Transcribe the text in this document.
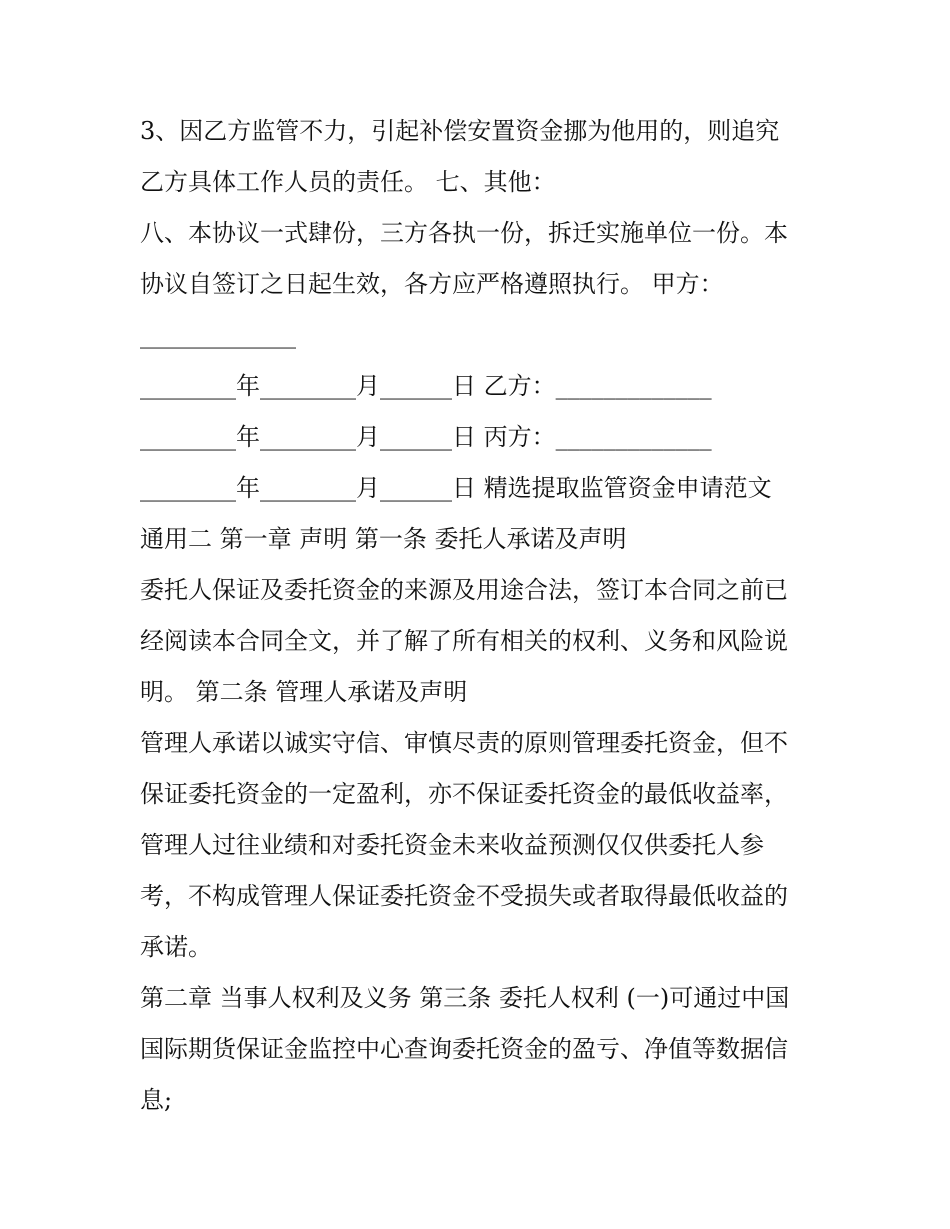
3、因乙方监管不力，引起补偿安置资金挪为他用的，则追究
乙方具体工作人员的责任。 七、其他：
八、本协议一式肆份，三方各执一份，拆迁实施单位一份。本
协议自签订之日起生效，各方应严格遵照执行。 甲方：
_____________
________年________月______日 乙方：_____________
________年________月______日 丙方：_____________
________年________月______日 精选提取监管资金申请范文
通用二 第一章 声明 第一条 委托人承诺及声明
委托人保证及委托资金的来源及用途合法，签订本合同之前已
经阅读本合同全文，并了解了所有相关的权利、义务和风险说
明。 第二条 管理人承诺及声明
管理人承诺以诚实守信、审慎尽责的原则管理委托资金，但不
保证委托资金的一定盈利，亦不保证委托资金的最低收益率，
管理人过往业绩和对委托资金未来收益预测仅仅供委托人参
考，不构成管理人保证委托资金不受损失或者取得最低收益的
承诺。
第二章 当事人权利及义务 第三条 委托人权利 (一)可通过中国
国际期货保证金监控中心查询委托资金的盈亏、净值等数据信
息;
